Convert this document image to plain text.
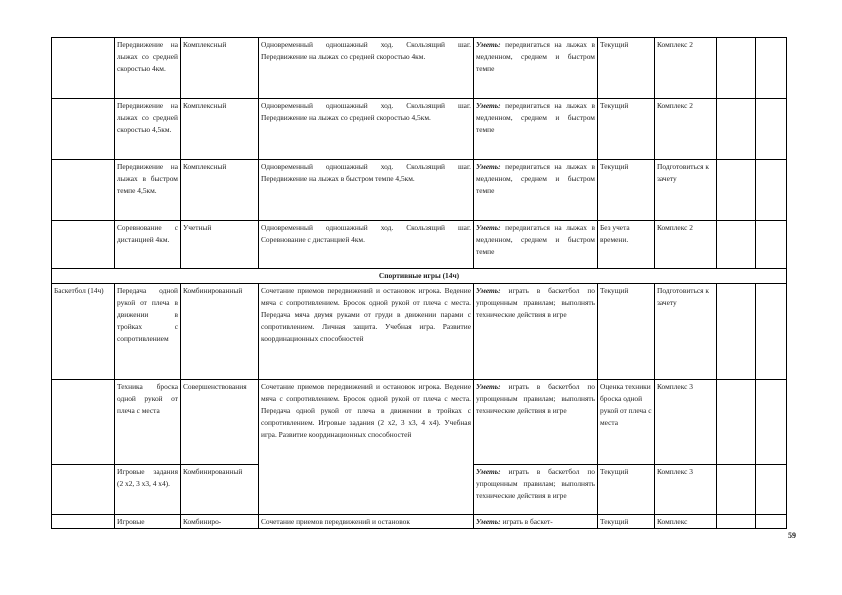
	Передвижение на лыжах со средней скоростью 4км.	Комплексный	Одновременный одношажный ход. Скользящий шаг. Передвижение на лыжах со средней скоростью 4км.	Уметь: передвигаться на лыжах в медленном, среднем и быстром темпе	Текущий	Комплекс 2		
	Передвижение на лыжах со средней скоростью 4,5км.	Комплексный	Одновременный одношажный ход. Скользящий шаг. Передвижение на лыжах со средней скоростью 4,5км.	Уметь: передвигаться на лыжах в медленном, среднем и быстром темпе	Текущий	Комплекс 2		
	Передвижение на лыжах в быстром темпе 4,5км.	Комплексный	Одновременный одношажный ход. Скользящий шаг. Передвижение на лыжах в быстром темпе 4,5км.	Уметь: передвигаться на лыжах в медленном, среднем и быстром темпе	Текущий	Подготовиться к зачету		
	Соревнование с дистанцией 4км.	Учетный	Одновременный одношажный ход. Скользящий шаг. Соревнование с дистанцией 4км.	Уметь: передвигаться на лыжах в медленном, среднем и быстром темпе	Без учета времени.	Комплекс 2		
Спортивные игры (14ч)								
Баскетбол (14ч)	Передача одной рукой от плеча в движении в тройках с сопротивлением	Комбинированный	Сочетание приемов передвижений и остановок игрока. Ведение мяча с сопротивлением. Бросок одной рукой от плеча с места. Передача мяча двумя руками от груди в движении парами с сопротивлением. Личная защита. Учебная игра. Развитие координационных способностей	Уметь: играть в баскетбол по упрощенным правилам; выполнять технические действия в игре	Текущий	Подготовиться к зачету		
	Техника броска одной рукой от плеча с места	Совершенствования	Сочетание приемов передвижений и остановок игрока. Ведение мяча с сопротивлением. Бросок одной рукой от плеча с места. Передача одной рукой от плеча в движении в тройках с сопротивлением. Игровые задания (2 х2, 3 х3, 4 х4). Учебная игра. Развитие координационных способностей	Уметь: играть в баскетбол по упрощенным правилам; выполнять технические действия в игре	Оценка техники броска одной рукой от плеча с места	Комплекс 3		
	Игровые задания (2 х2, 3 х3, 4 х4).	Комбинированный		Уметь: играть в баскетбол по упрощенным правилам; выполнять технические действия в игре	Текущий	Комплекс 3		
	Игровые	Комбиниро-	Сочетание приемов передвижений и остановок	Уметь: играть в баскет-	Текущий	Комплекс		
59
